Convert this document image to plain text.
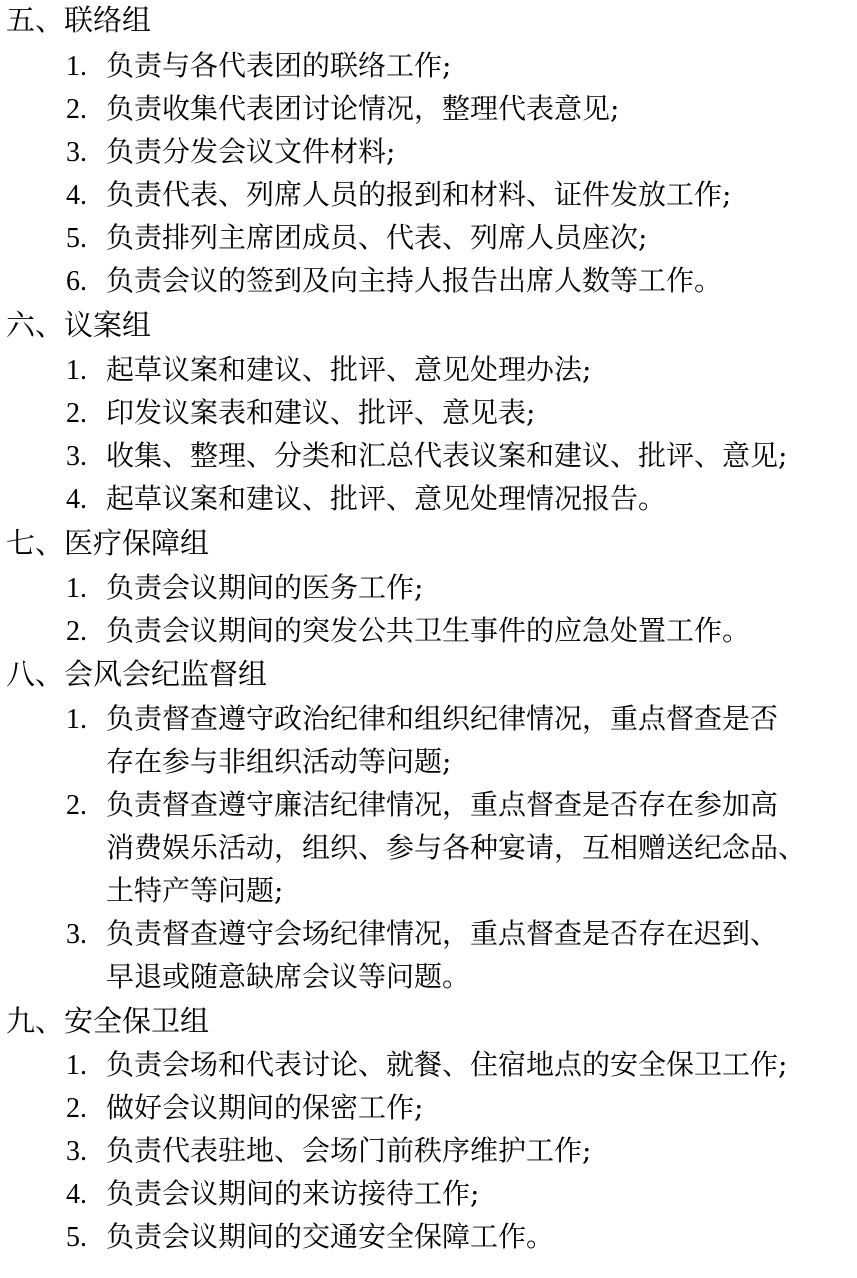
五、联络组
1. 负责与各代表团的联络工作;
2. 负责收集代表团讨论情况，整理代表意见;
3. 负责分发会议文件材料;
4. 负责代表、列席人员的报到和材料、证件发放工作;
5. 负责排列主席团成员、代表、列席人员座次;
6. 负责会议的签到及向主持人报告出席人数等工作。
六、议案组
1. 起草议案和建议、批评、意见处理办法;
2. 印发议案表和建议、批评、意见表;
3. 收集、整理、分类和汇总代表议案和建议、批评、意见;
4. 起草议案和建议、批评、意见处理情况报告。
七、医疗保障组
1. 负责会议期间的医务工作;
2. 负责会议期间的突发公共卫生事件的应急处置工作。
八、会风会纪监督组
1. 负责督查遵守政治纪律和组织纪律情况，重点督查是否
存在参与非组织活动等问题;
2. 负责督查遵守廉洁纪律情况，重点督查是否存在参加高
消费娱乐活动，组织、参与各种宴请，互相赠送纪念品、
土特产等问题;
3. 负责督查遵守会场纪律情况，重点督查是否存在迟到、
早退或随意缺席会议等问题。
九、安全保卫组
1. 负责会场和代表讨论、就餐、住宿地点的安全保卫工作;
2. 做好会议期间的保密工作;
3. 负责代表驻地、会场门前秩序维护工作;
4. 负责会议期间的来访接待工作;
5. 负责会议期间的交通安全保障工作。
